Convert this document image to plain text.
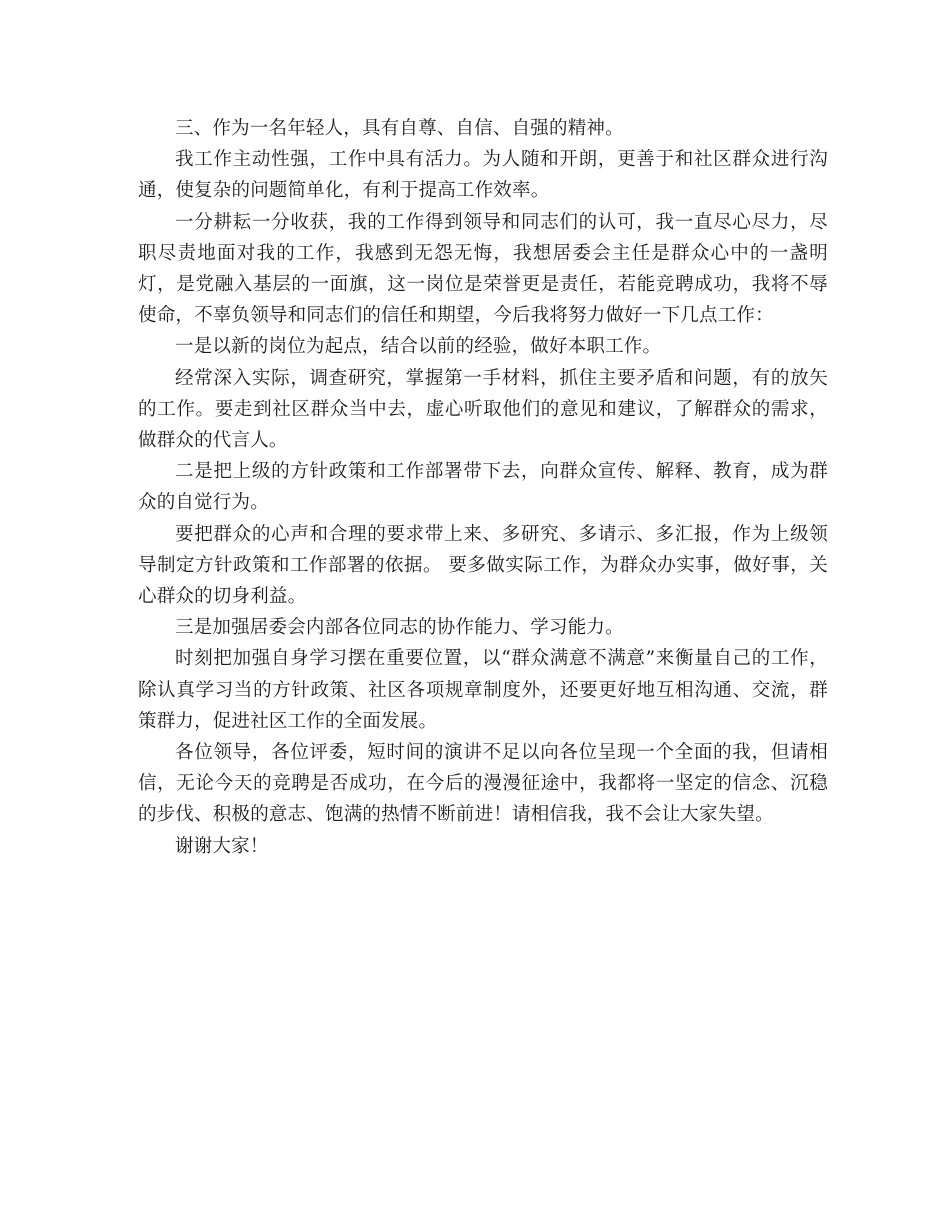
三、作为一名年轻人，具有自尊、自信、自强的精神。

我工作主动性强，工作中具有活力。为人随和开朗，更善于和社区群众进行沟通，使复杂的问题简单化，有利于提高工作效率。

一分耕耘一分收获，我的工作得到领导和同志们的认可，我一直尽心尽力，尽职尽责地面对我的工作，我感到无怨无悔，我想居委会主任是群众心中的一盏明灯，是党融入基层的一面旗，这一岗位是荣誉更是责任，若能竞聘成功，我将不辱使命，不辜负领导和同志们的信任和期望，今后我将努力做好一下几点工作：

一是以新的岗位为起点，结合以前的经验，做好本职工作。

经常深入实际，调查研究，掌握第一手材料，抓住主要矛盾和问题，有的放矢的工作。要走到社区群众当中去，虚心听取他们的意见和建议，了解群众的需求，做群众的代言人。

二是把上级的方针政策和工作部署带下去，向群众宣传、解释、教育，成为群众的自觉行为。

要把群众的心声和合理的要求带上来、多研究、多请示、多汇报，作为上级领导制定方针政策和工作部署的依据。 要多做实际工作，为群众办实事，做好事，关心群众的切身利益。

三是加强居委会内部各位同志的协作能力、学习能力。

时刻把加强自身学习摆在重要位置，以“群众满意不满意”来衡量自己的工作，除认真学习当的方针政策、社区各项规章制度外，还要更好地互相沟通、交流，群策群力，促进社区工作的全面发展。

各位领导，各位评委，短时间的演讲不足以向各位呈现一个全面的我，但请相信，无论今天的竞聘是否成功，在今后的漫漫征途中，我都将一坚定的信念、沉稳的步伐、积极的意志、饱满的热情不断前进！请相信我，我不会让大家失望。

谢谢大家！
